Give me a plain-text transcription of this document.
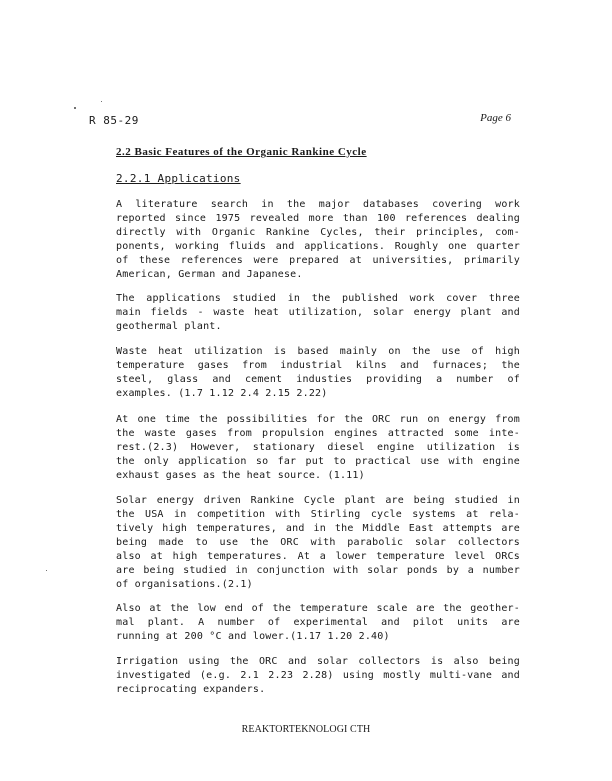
R 85-29	Page 6
2.2 Basic Features of the Organic Rankine Cycle
2.2.1 Applications
A literature search in the major databases covering work
reported since 1975 revealed more than 100 references dealing
directly with Organic Rankine Cycles, their principles, com-
ponents, working fluids and applications. Roughly one quarter
of these references were prepared at universities, primarily
American, German and Japanese.
The applications studied in the published work cover three
main fields - waste heat utilization, solar energy plant and
geothermal plant.
Waste heat utilization is based mainly on the use of high
temperature gases from industrial kilns and furnaces; the
steel, glass and cement industies providing a number of
examples. (1.7 1.12 2.4 2.15 2.22)
At one time the possibilities for the ORC run on energy from
the waste gases from propulsion engines attracted some inte-
rest.(2.3) However, stationary diesel engine utilization is
the only application so far put to practical use with engine
exhaust gases as the heat source. (1.11)
Solar energy driven Rankine Cycle plant are being studied in
the USA in competition with Stirling cycle systems at rela-
tively high temperatures, and in the Middle East attempts are
being made to use the ORC with parabolic solar collectors
also at high temperatures. At a lower temperature level ORCs
are being studied in conjunction with solar ponds by a number
of organisations.(2.1)
Also at the low end of the temperature scale are the geother-
mal plant. A number of experimental and pilot units are
running at 200 °C and lower.(1.17 1.20 2.40)
Irrigation using the ORC and solar collectors is also being
investigated (e.g. 2.1 2.23 2.28) using mostly multi-vane and
reciprocating expanders.
REAKTORTEKNOLOGI CTH
